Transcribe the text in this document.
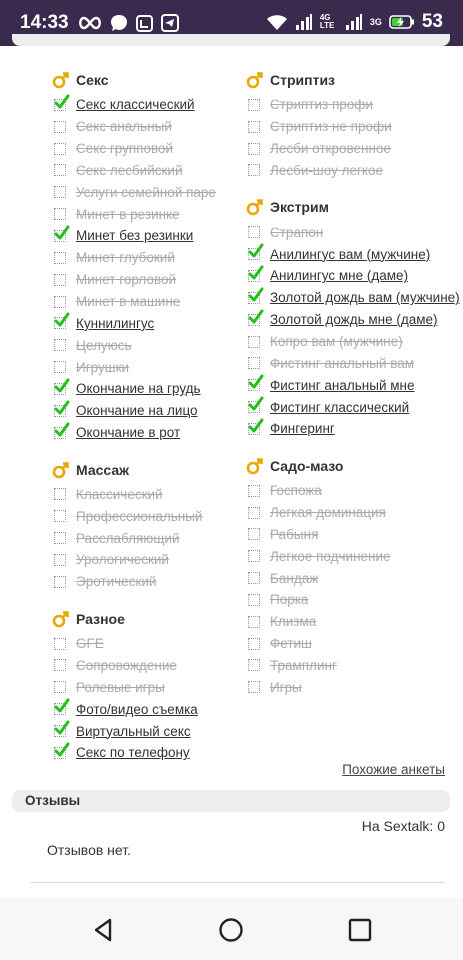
14:33	4G LTE	3G 53
Секс
Секс классический
Секс анальный
Секс групповой
Секс лесбийский
Услуги семейной паре
Минет в резинке
Минет без резинки
Минет глубокий
Минет горловой
Минет в машине
Куннилингус
Целуюсь
Игрушки
Окончание на грудь
Окончание на лицо
Окончание в рот
Массаж
Классический
Профессиональный
Расслабляющий
Урологический
Эротический
Разное
GFE
Сопровождение
Ролевые игры
Фото/видео съемка
Виртуальный секс
Секс по телефону
Стриптиз
Стриптиз профи
Стриптиз не профи
Лесби откровенное
Лесби-шоу легкое
Экстрим
Страпон
Анилингус вам (мужчине)
Анилингус мне (даме)
Золотой дождь вам (мужчине)
Золотой дождь мне (даме)
Копро вам (мужчине)
Фистинг анальный вам
Фистинг анальный мне
Фистинг классический
Фингеринг
Садо-мазо
Госпожа
Легкая доминация
Рабыня
Легкое подчинение
Бандаж
Порка
Клизма
Фетиш
Трамплинг
Игры
Похожие анкеты
Отзывы
На Sextalk: 0
Отзывов нет.
